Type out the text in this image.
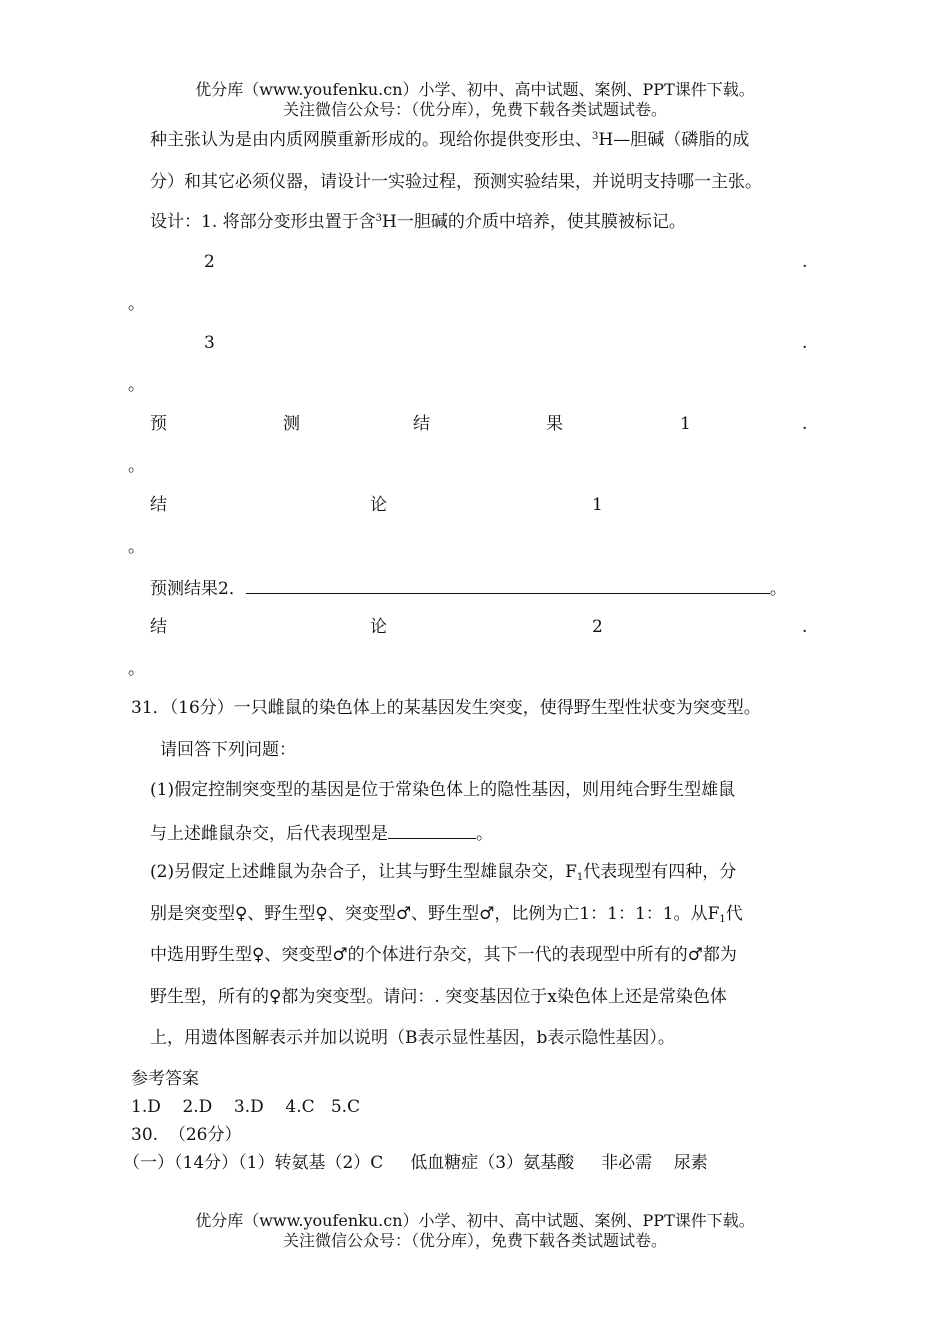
优分库（www.youfenku.cn）小学、初中、高中试题、案例、PPT课件下载。
关注微信公众号：（优分库），免费下载各类试题试卷。
种主张认为是由内质网膜重新形成的。现给你提供变形虫、$^3$H—胆碱（磷脂的成
分）和其它必须仪器，请设计一实验过程，预测实验结果，并说明支持哪一主张。
设计：1. 将部分变形虫置于含$^3$H一胆碱的介质中培养，使其膜被标记。
2	.
。
3	.
。
预	测	结	果	1	.
。
结	论	1
。
预测结果2．	。
结	论	2	.
。
31．（16分）一只雌鼠的染色体上的某基因发生突变，使得野生型性状变为突变型。
请回答下列问题：
(1)假定控制突变型的基因是位于常染色体上的隐性基因，则用纯合野生型雄鼠
与上述雌鼠杂交，后代表现型是	。
(2)另假定上述雌鼠为杂合子，让其与野生型雄鼠杂交，$F_1$代表现型有四种，分
别是突变型♀、野生型♀、突变型♂、野生型♂，比例为亡1：1：1：1。从$F_1$代
中选用野生型♀、突变型♂的个体进行杂交，其下一代的表现型中所有的♂都为
野生型，所有的♀都为突变型。请问：. 突变基因位于x染色体上还是常染色体
上，用遗体图解表示并加以说明（B表示显性基因，b表示隐性基因）。
参考答案
1.D    2.D    3.D    4.C   5.C
30.  （26分）
（一）（14分）（1）转氨基（2）C     低血糖症（3）氨基酸     非必需    尿素
优分库（www.youfenku.cn）小学、初中、高中试题、案例、PPT课件下载。
关注微信公众号：（优分库），免费下载各类试题试卷。
